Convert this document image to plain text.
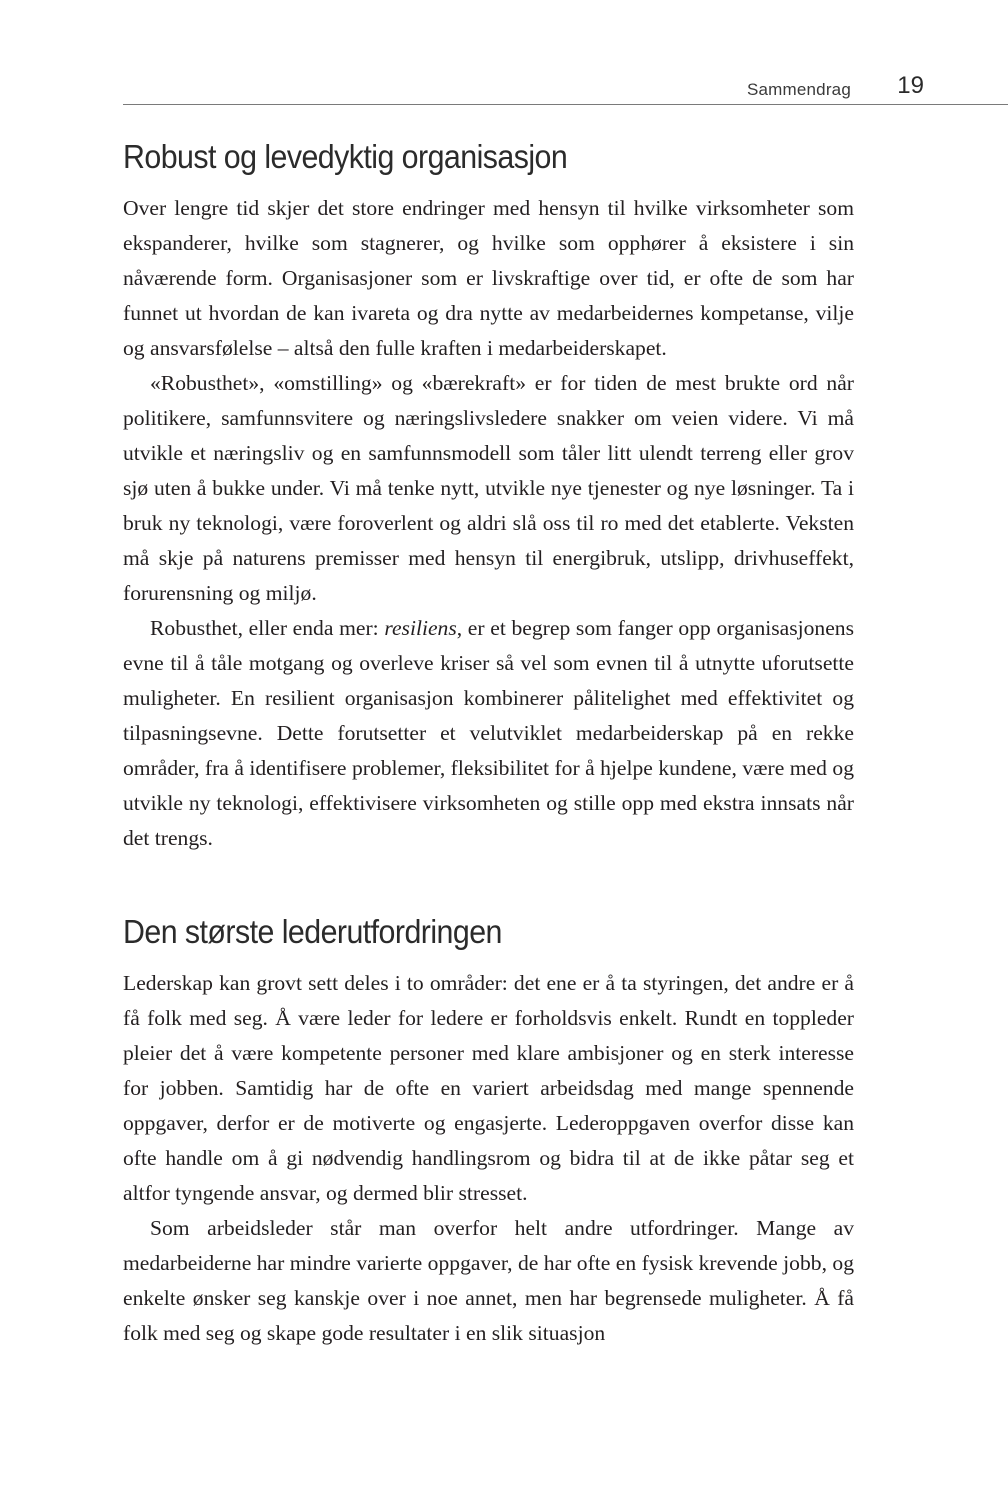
Sammendrag 19
Robust og levedyktig organisasjon

Over lengre tid skjer det store endringer med hensyn til hvilke virksomheter som ekspanderer, hvilke som stagnerer, og hvilke som opphører å eksistere i sin nåværende form. Organisasjoner som er livskraftige over tid, er ofte de som har funnet ut hvordan de kan ivareta og dra nytte av medarbeidernes kompetanse, vilje og ansvarsfølelse – altså den fulle kraften i medarbeiderskapet.

«Robusthet», «omstilling» og «bærekraft» er for tiden de mest brukte ord når politikere, samfunnsvitere og næringslivsledere snakker om veien videre. Vi må utvikle et næringsliv og en samfunnsmodell som tåler litt ulendt terreng eller grov sjø uten å bukke under. Vi må tenke nytt, utvikle nye tjenester og nye løsninger. Ta i bruk ny teknologi, være foroverlent og aldri slå oss til ro med det etablerte. Veksten må skje på naturens premisser med hensyn til energibruk, utslipp, drivhuseffekt, forurensning og miljø.

Robusthet, eller enda mer: resiliens, er et begrep som fanger opp organisasjonens evne til å tåle motgang og overleve kriser så vel som evnen til å utnytte uforutsette muligheter. En resilient organisasjon kombinerer pålitelighet med effektivitet og tilpasningsevne. Dette forutsetter et velutviklet medarbeiderskap på en rekke områder, fra å identifisere problemer, fleksibilitet for å hjelpe kundene, være med og utvikle ny teknologi, effektivisere virksomheten og stille opp med ekstra innsats når det trengs.

Den største lederutfordringen

Lederskap kan grovt sett deles i to områder: det ene er å ta styringen, det andre er å få folk med seg. Å være leder for ledere er forholdsvis enkelt. Rundt en toppleder pleier det å være kompetente personer med klare ambisjoner og en sterk interesse for jobben. Samtidig har de ofte en variert arbeidsdag med mange spennende oppgaver, derfor er de motiverte og engasjerte. Lederoppgaven overfor disse kan ofte handle om å gi nødvendig handlingsrom og bidra til at de ikke påtar seg et altfor tyngende ansvar, og dermed blir stresset.

Som arbeidsleder står man overfor helt andre utfordringer. Mange av medarbeiderne har mindre varierte oppgaver, de har ofte en fysisk krevende jobb, og enkelte ønsker seg kanskje over i noe annet, men har begrensede muligheter. Å få folk med seg og skape gode resultater i en slik situasjon
